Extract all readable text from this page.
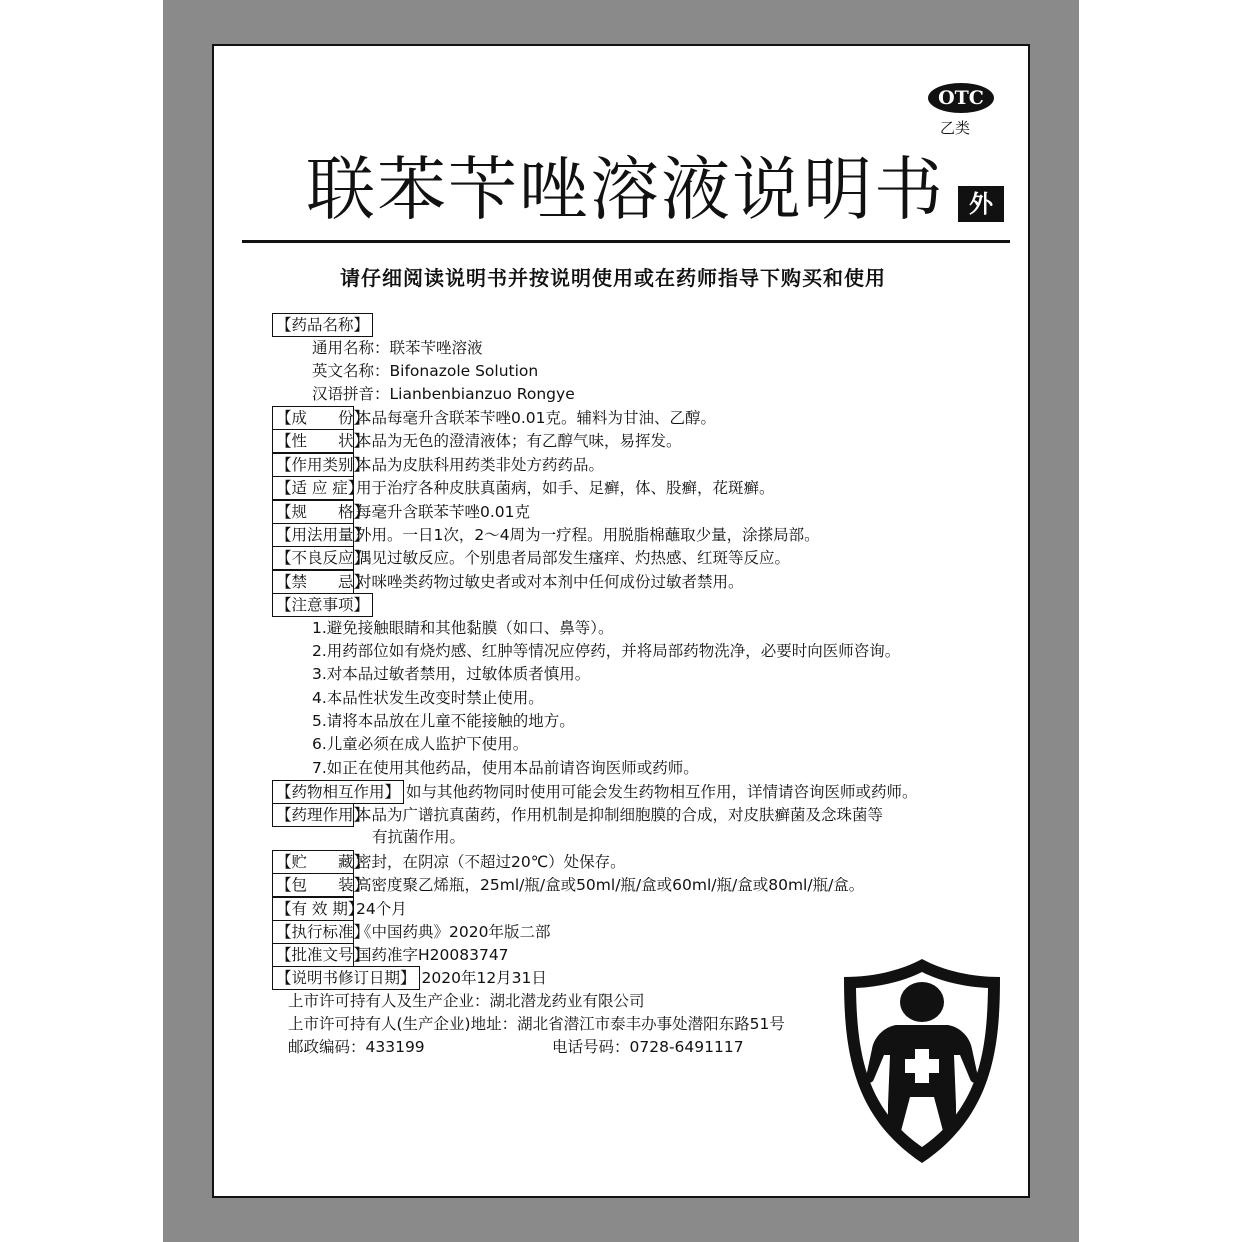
OTC
乙类
联苯苄唑溶液说明书	外
请仔细阅读说明书并按说明使用或在药师指导下购买和使用
【药品名称】
通用名称：联苯苄唑溶液
英文名称：Bifonazole Solution
汉语拼音：Lianbenbianzuo Rongye
【成　　份】本品每毫升含联苯苄唑0.01克。辅料为甘油、乙醇。
【性　　状】本品为无色的澄清液体；有乙醇气味，易挥发。
【作用类别】本品为皮肤科用药类非处方药药品。
【适 应 症】用于治疗各种皮肤真菌病，如手、足癣，体、股癣，花斑癣。
【规　　格】每毫升含联苯苄唑0.01克
【用法用量】外用。一日1次，2～4周为一疗程。用脱脂棉蘸取少量，涂搽局部。
【不良反应】偶见过敏反应。个别患者局部发生瘙痒、灼热感、红斑等反应。
【禁　　忌】对咪唑类药物过敏史者或对本剂中任何成份过敏者禁用。
【注意事项】
1.避免接触眼睛和其他黏膜（如口、鼻等）。
2.用药部位如有烧灼感、红肿等情况应停药，并将局部药物洗净，必要时向医师咨询。
3.对本品过敏者禁用，过敏体质者慎用。
4.本品性状发生改变时禁止使用。
5.请将本品放在儿童不能接触的地方。
6.儿童必须在成人监护下使用。
7.如正在使用其他药品，使用本品前请咨询医师或药师。
【药物相互作用】 如与其他药物同时使用可能会发生药物相互作用，详情请咨询医师或药师。
【药理作用】本品为广谱抗真菌药，作用机制是抑制细胞膜的合成，对皮肤癣菌及念珠菌等
有抗菌作用。
【贮　　藏】密封，在阴凉（不超过20℃）处保存。
【包　　装】高密度聚乙烯瓶，25ml/瓶/盒或50ml/瓶/盒或60ml/瓶/盒或80ml/瓶/盒。
【有 效 期】24个月
【执行标准】《中国药典》2020年版二部
【批准文号】国药准字H20083747
【说明书修订日期】 2020年12月31日
上市许可持有人及生产企业：湖北潜龙药业有限公司
上市许可持有人(生产企业)地址：湖北省潜江市泰丰办事处潜阳东路51号
邮政编码：433199	电话号码：0728-6491117
